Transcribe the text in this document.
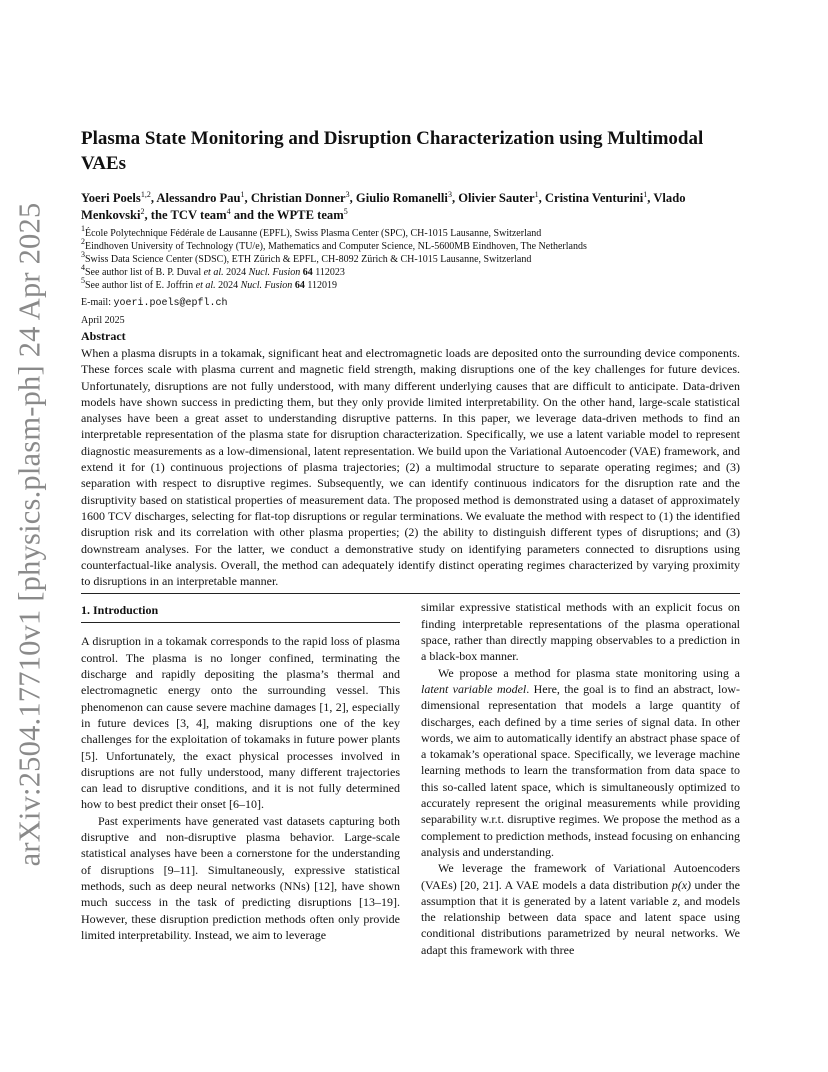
arXiv:2504.17710v1 [physics.plasm-ph] 24 Apr 2025
Plasma State Monitoring and Disruption Characterization using Multimodal VAEs
Yoeri Poels$^{1,2}$, Alessandro Pau$^1$, Christian Donner$^3$, Giulio Romanelli$^3$, Olivier Sauter$^1$, Cristina Venturini$^1$, Vlado Menkovski$^2$, the TCV team$^4$ and the WPTE team$^5$
$^1$École Polytechnique Fédérale de Lausanne (EPFL), Swiss Plasma Center (SPC), CH-1015 Lausanne, Switzerland
$^2$Eindhoven University of Technology (TU/e), Mathematics and Computer Science, NL-5600MB Eindhoven, The Netherlands
$^3$Swiss Data Science Center (SDSC), ETH Zürich & EPFL, CH-8092 Zürich & CH-1015 Lausanne, Switzerland
$^4$See author list of B. P. Duval et al. 2024 Nucl. Fusion 64 112023
$^5$See author list of E. Joffrin et al. 2024 Nucl. Fusion 64 112019
E-mail: yoeri.poels@epfl.ch
April 2025
Abstract
When a plasma disrupts in a tokamak, significant heat and electromagnetic loads are deposited onto the surrounding device components. These forces scale with plasma current and magnetic field strength, making disruptions one of the key challenges for future devices. Unfortunately, disruptions are not fully understood, with many different underlying causes that are difficult to anticipate. Data-driven models have shown success in predicting them, but they only provide limited interpretability. On the other hand, large-scale statistical analyses have been a great asset to understanding disruptive patterns. In this paper, we leverage data-driven methods to find an interpretable representation of the plasma state for disruption characterization. Specifically, we use a latent variable model to represent diagnostic measurements as a low-dimensional, latent representation. We build upon the Variational Autoencoder (VAE) framework, and extend it for (1) continuous projections of plasma trajectories; (2) a multimodal structure to separate operating regimes; and (3) separation with respect to disruptive regimes. Subsequently, we can identify continuous indicators for the disruption rate and the disruptivity based on statistical properties of measurement data. The proposed method is demonstrated using a dataset of approximately 1600 TCV discharges, selecting for flat-top disruptions or regular terminations. We evaluate the method with respect to (1) the identified disruption risk and its correlation with other plasma properties; (2) the ability to distinguish different types of disruptions; and (3) downstream analyses. For the latter, we conduct a demonstrative study on identifying parameters connected to disruptions using counterfactual-like analysis. Overall, the method can adequately identify distinct operating regimes characterized by varying proximity to disruptions in an interpretable manner.
1. Introduction

A disruption in a tokamak corresponds to the rapid loss of plasma control. The plasma is no longer confined, terminating the discharge and rapidly depositing the plasma’s thermal and electromagnetic energy onto the surrounding vessel. This phenomenon can cause severe machine damages [1, 2], especially in future devices [3, 4], making disruptions one of the key challenges for the exploitation of tokamaks in future power plants [5]. Unfortunately, the exact physical processes involved in disruptions are not fully understood, many different trajectories can lead to disruptive conditions, and it is not fully determined how to best predict their onset [6–10].

Past experiments have generated vast datasets capturing both disruptive and non-disruptive plasma behavior. Large-scale statistical analyses have been a cornerstone for the understanding of disruptions [9–11]. Simultaneously, expressive statistical methods, such as deep neural networks (NNs) [12], have shown much success in the task of predicting disruptions [13–19]. However, these disruption prediction methods often only provide limited interpretability. Instead, we aim to leverage

similar expressive statistical methods with an explicit focus on finding interpretable representations of the plasma operational space, rather than directly mapping observables to a prediction in a black-box manner.

We propose a method for plasma state monitoring using a latent variable model. Here, the goal is to find an abstract, low-dimensional representation that models a large quantity of discharges, each defined by a time series of signal data. In other words, we aim to automatically identify an abstract phase space of a tokamak’s operational space. Specifically, we leverage machine learning methods to learn the transformation from data space to this so-called latent space, which is simultaneously optimized to accurately represent the original measurements while providing separability w.r.t. disruptive regimes. We propose the method as a complement to prediction methods, instead focusing on enhancing analysis and understanding.

We leverage the framework of Variational Autoencoders (VAEs) [20, 21]. A VAE models a data distribution p(x) under the assumption that it is generated by a latent variable z, and models the relationship between data space and latent space using conditional distributions parametrized by neural networks. We adapt this framework with three
